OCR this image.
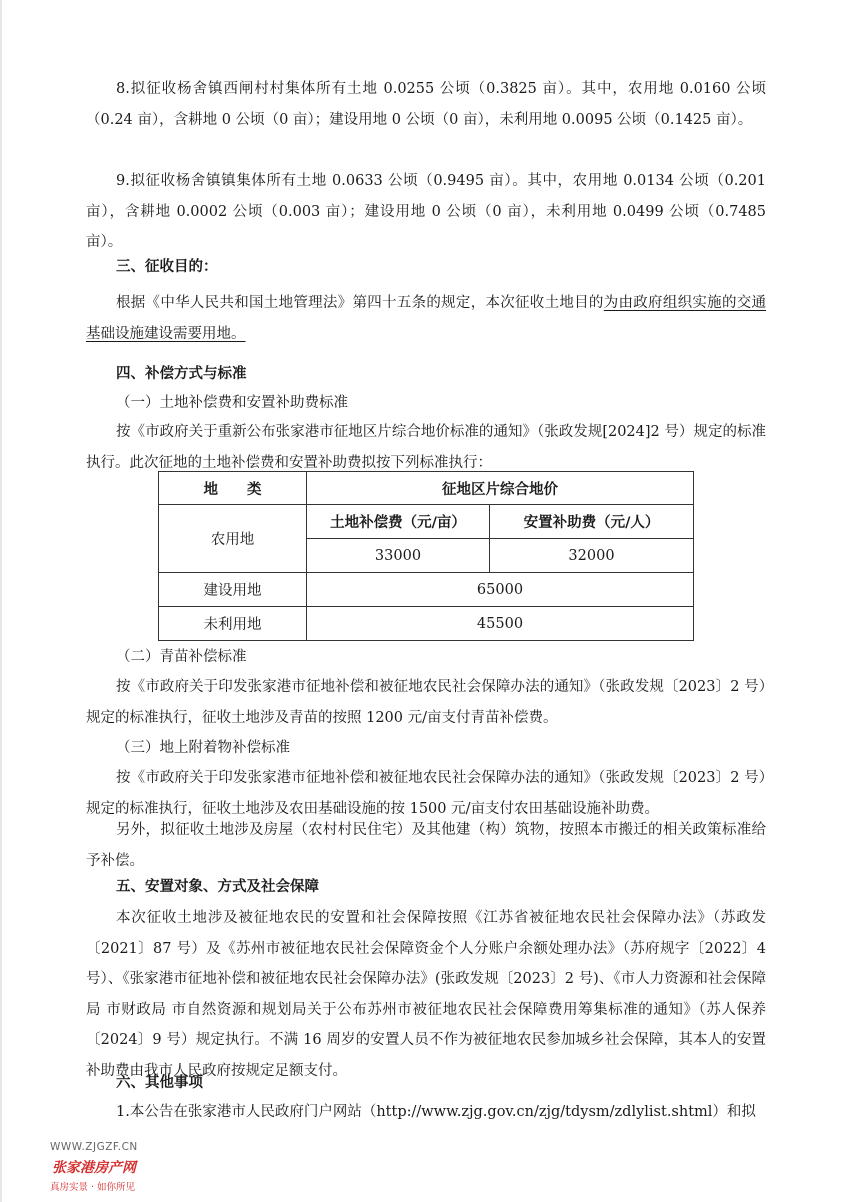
8.拟征收杨舍镇西闸村村集体所有土地 0.0255 公顷（0.3825 亩）。其中，农用地 0.0160 公顷（0.24 亩），含耕地 0 公顷（0 亩）；建设用地 0 公顷（0 亩），未利用地 0.0095 公顷（0.1425 亩）。

9.拟征收杨舍镇镇集体所有土地 0.0633 公顷（0.9495 亩）。其中，农用地 0.0134 公顷（0.201 亩），含耕地 0.0002 公顷（0.003 亩）；建设用地 0 公顷（0 亩），未利用地 0.0499 公顷（0.7485 亩）。

三、征收目的：

根据《中华人民共和国土地管理法》第四十五条的规定，本次征收土地目的为由政府组织实施的交通基础设施建设需要用地。

四、补偿方式与标准

（一）土地补偿费和安置补助费标准

按《市政府关于重新公布张家港市征地区片综合地价标准的通知》（张政发规[2024]2 号）规定的标准执行。此次征地的土地补偿费和安置补助费拟按下列标准执行：

地　　类	征地区片综合地价	
农用地	土地补偿费（元/亩）	安置补助费（元/人）
	33000	32000
建设用地	65000	
未利用地	45500	

（二）青苗补偿标准

按《市政府关于印发张家港市征地补偿和被征地农民社会保障办法的通知》（张政发规〔2023〕2 号）规定的标准执行，征收土地涉及青苗的按照 1200 元/亩支付青苗补偿费。

（三）地上附着物补偿标准

按《市政府关于印发张家港市征地补偿和被征地农民社会保障办法的通知》（张政发规〔2023〕2 号）规定的标准执行，征收土地涉及农田基础设施的按 1500 元/亩支付农田基础设施补助费。

另外，拟征收土地涉及房屋（农村村民住宅）及其他建（构）筑物，按照本市搬迁的相关政策标准给予补偿。

五、安置对象、方式及社会保障

本次征收土地涉及被征地农民的安置和社会保障按照《江苏省被征地农民社会保障办法》（苏政发〔2021〕87 号）及《苏州市被征地农民社会保障资金个人分账户余额处理办法》（苏府规字〔2022〕4 号）、《张家港市征地补偿和被征地农民社会保障办法》(张政发规〔2023〕2 号)、《市人力资源和社会保障局 市财政局 市自然资源和规划局关于公布苏州市被征地农民社会保障费用筹集标准的通知》（苏人保养〔2024〕9 号）规定执行。不满 16 周岁的安置人员不作为被征地农民参加城乡社会保障，其本人的安置补助费由我市人民政府按规定足额支付。

六、其他事项

1.本公告在张家港市人民政府门户网站（http://www.zjg.gov.cn/zjg/tdysm/zdlylist.shtml）和拟

WWW.ZJGZF.CN
张家港房产网
真房实景 · 如你所见
